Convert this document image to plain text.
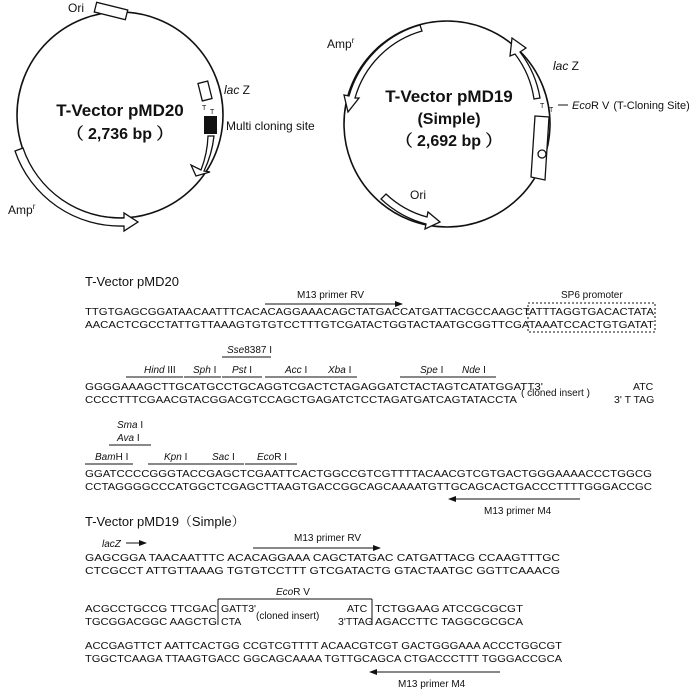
Ori
lac Z
T
T
Multi cloning site
Amp$^r$
T-Vector pMD20
（ 2,736 bp ）
Amp$^r$
lac Z
T
T EcoR V (T-Cloning Site)
Ori
T-Vector pMD19
(Simple)
（ 2,692 bp ）
T-Vector pMD20
M13 primer RV	SP6 promoter
TTGTGAGCGGATAACAATTTCACACAGGAAACAGCTATGACCATGATTACGCCAAGCTATTTAGGTGACACTATA
AACACTCGCCTATTGTTAAAGTGTGTCCTTTGTCGATACTGGTACTAATGCGGTTCGATAAATCCACTGTGATAT
Sse8387 I
Hind III Sph I Pst I	Acc I Xba I	Spe I Nde I
GGGGAAAGCTTGCATGCCTGCAGGTCGACTCTAGAGGATCTACTAGTCATATGGATT3'
CCCCTTTCGAACGTACGGACGTCCAGCTGAGATCTCCTAGATGATCAGTATACCTA
( cloned insert )
ATC
3' T TAG
Sma I
Ava I
BamH I	Kpn I Sac I EcoR I
GGATCCCCGGGTACCGAGCTCGAATTCACTGGCCGTCGTTTTACAACGTCGTGACTGGGAAAACCCTGGCG
CCTAGGGGCCCATGGCTCGAGCTTAAGTGACCGGCAGCAAAATGTTGCAGCACTGACCCTTTTGGGACCGC
M13 primer M4
T-Vector pMD19（Simple）
lacZ
M13 primer RV
GAGCGGA TAACAATTTC ACACAGGAAA CAGCTATGAC CATGATTACG CCAAGTTTGC
CTCGCCT ATTGTTAAAG TGTGTCCTTT GTCGATACTG GTACTAATGC GGTTCAAACG
EcoR V
ACGCCTGCCG TTCGAC GATT3'	ATC TCTGGAAG ATCCGCGCGT
TGCGGACGGC AAGCTG CTA (cloned insert) 3'TTAG AGACCTTC TAGGCGCGCA
ACCGAGTTCT AATTCACTGG CCGTCGTTTT ACAACGTCGT GACTGGGAAA ACCCTGGCGT
TGGCTCAAGA TTAAGTGACC GGCAGCAAAA TGTTGCAGCA CTGACCCTTT TGGGACCGCA
M13 primer M4
